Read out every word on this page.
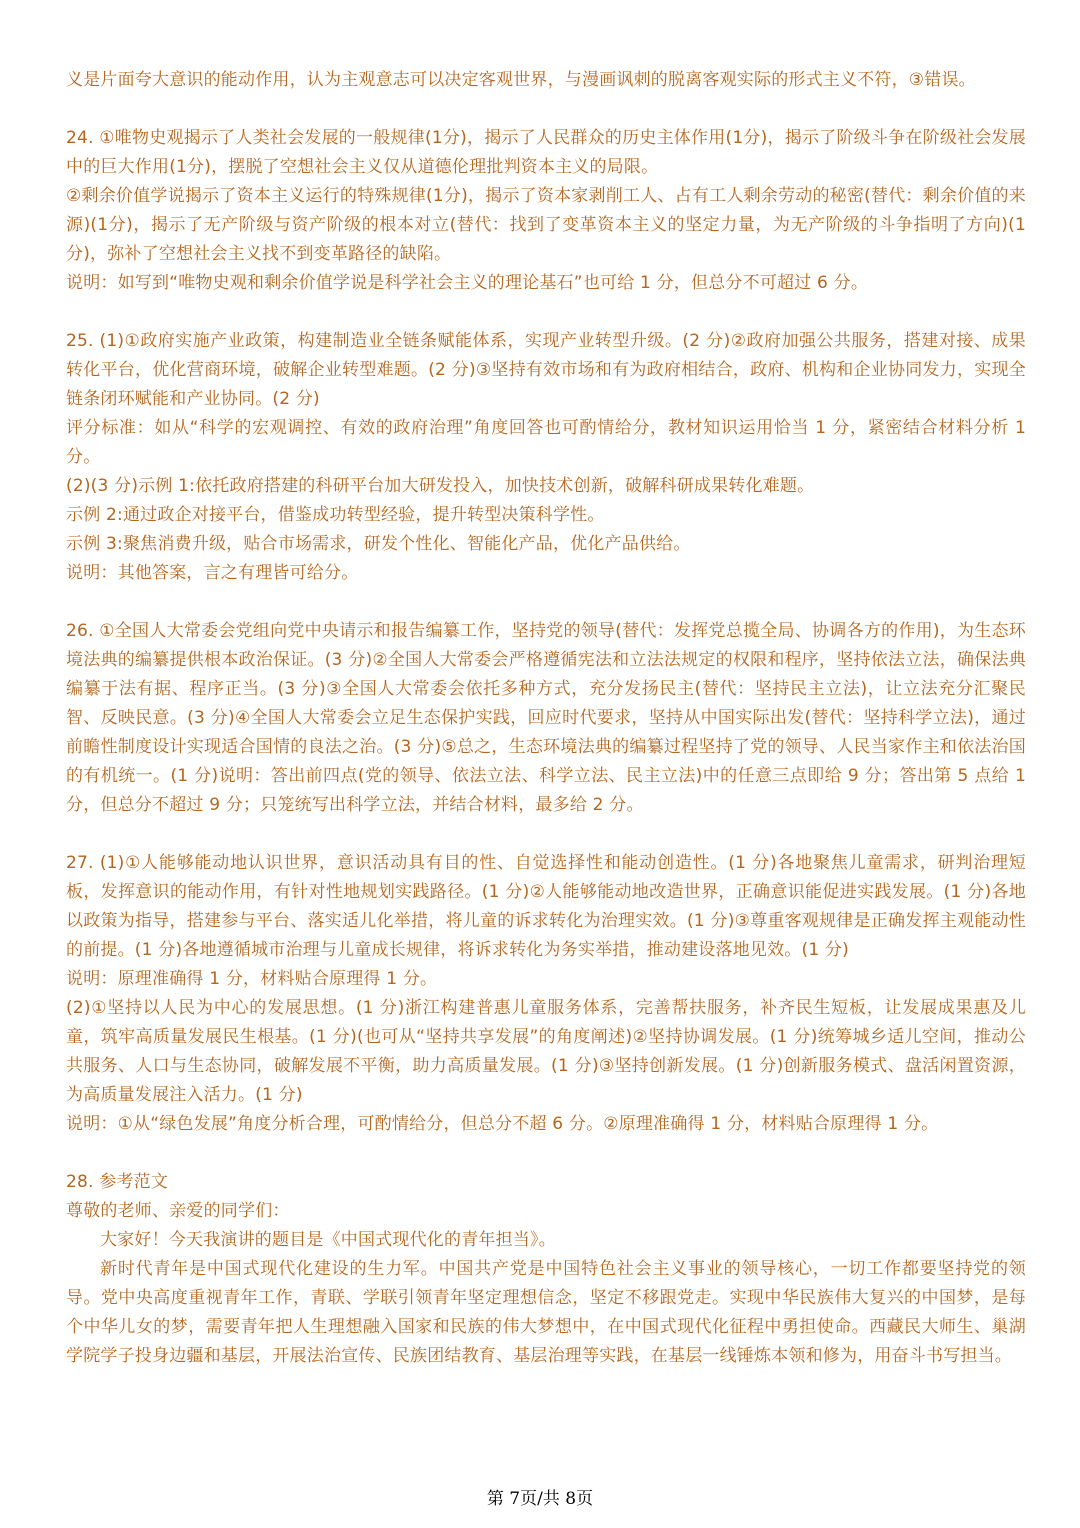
义是片面夸大意识的能动作用，认为主观意志可以决定客观世界，与漫画讽刺的脱离客观实际的形式主义不符，③错误。

24. ①唯物史观揭示了人类社会发展的一般规律(1分)，揭示了人民群众的历史主体作用(1分)，揭示了阶级斗争在阶级社会发展中的巨大作用(1分)，摆脱了空想社会主义仅从道德伦理批判资本主义的局限。

②剩余价值学说揭示了资本主义运行的特殊规律(1分)，揭示了资本家剥削工人、占有工人剩余劳动的秘密(替代：剩余价值的来源)(1分)，揭示了无产阶级与资产阶级的根本对立(替代：找到了变革资本主义的坚定力量，为无产阶级的斗争指明了方向)(1分)，弥补了空想社会主义找不到变革路径的缺陷。

说明：如写到“唯物史观和剩余价值学说是科学社会主义的理论基石”也可给 1 分，但总分不可超过 6 分。

25. (1)①政府实施产业政策，构建制造业全链条赋能体系，实现产业转型升级。(2 分)②政府加强公共服务，搭建对接、成果转化平台，优化营商环境，破解企业转型难题。(2 分)③坚持有效市场和有为政府相结合，政府、机构和企业协同发力，实现全链条闭环赋能和产业协同。(2 分)

评分标准：如从“科学的宏观调控、有效的政府治理”角度回答也可酌情给分，教材知识运用恰当 1 分，紧密结合材料分析 1 分。

(2)(3 分)示例 1:依托政府搭建的科研平台加大研发投入，加快技术创新，破解科研成果转化难题。

示例 2:通过政企对接平台，借鉴成功转型经验，提升转型决策科学性。

示例 3:聚焦消费升级，贴合市场需求，研发个性化、智能化产品，优化产品供给。

说明：其他答案，言之有理皆可给分。

26. ①全国人大常委会党组向党中央请示和报告编纂工作，坚持党的领导(替代：发挥党总揽全局、协调各方的作用)，为生态环境法典的编纂提供根本政治保证。(3 分)②全国人大常委会严格遵循宪法和立法法规定的权限和程序，坚持依法立法，确保法典编纂于法有据、程序正当。(3 分)③全国人大常委会依托多种方式，充分发扬民主(替代：坚持民主立法)，让立法充分汇聚民智、反映民意。(3 分)④全国人大常委会立足生态保护实践，回应时代要求，坚持从中国实际出发(替代：坚持科学立法)，通过前瞻性制度设计实现适合国情的良法之治。(3 分)⑤总之，生态环境法典的编纂过程坚持了党的领导、人民当家作主和依法治国的有机统一。(1 分)说明：答出前四点(党的领导、依法立法、科学立法、民主立法)中的任意三点即给 9 分；答出第 5 点给 1 分，但总分不超过 9 分；只笼统写出科学立法，并结合材料，最多给 2 分。

27. (1)①人能够能动地认识世界，意识活动具有目的性、自觉选择性和能动创造性。(1 分)各地聚焦儿童需求，研判治理短板，发挥意识的能动作用，有针对性地规划实践路径。(1 分)②人能够能动地改造世界，正确意识能促进实践发展。(1 分)各地以政策为指导，搭建参与平台、落实适儿化举措，将儿童的诉求转化为治理实效。(1 分)③尊重客观规律是正确发挥主观能动性的前提。(1 分)各地遵循城市治理与儿童成长规律，将诉求转化为务实举措，推动建设落地见效。(1 分)

说明：原理准确得 1 分，材料贴合原理得 1 分。

(2)①坚持以人民为中心的发展思想。(1 分)浙江构建普惠儿童服务体系，完善帮扶服务，补齐民生短板，让发展成果惠及儿童，筑牢高质量发展民生根基。(1 分)(也可从“坚持共享发展”的角度阐述)②坚持协调发展。(1 分)统筹城乡适儿空间，推动公共服务、人口与生态协同，破解发展不平衡，助力高质量发展。(1 分)③坚持创新发展。(1 分)创新服务模式、盘活闲置资源，为高质量发展注入活力。(1 分)

说明：①从“绿色发展”角度分析合理，可酌情给分，但总分不超 6 分。②原理准确得 1 分，材料贴合原理得 1 分。

28. 参考范文

尊敬的老师、亲爱的同学们：

大家好！今天我演讲的题目是《中国式现代化的青年担当》。

新时代青年是中国式现代化建设的生力军。中国共产党是中国特色社会主义事业的领导核心，一切工作都要坚持党的领导。党中央高度重视青年工作，青联、学联引领青年坚定理想信念，坚定不移跟党走。实现中华民族伟大复兴的中国梦，是每个中华儿女的梦，需要青年把人生理想融入国家和民族的伟大梦想中，在中国式现代化征程中勇担使命。西藏民大师生、巢湖学院学子投身边疆和基层，开展法治宣传、民族团结教育、基层治理等实践，在基层一线锤炼本领和修为，用奋斗书写担当。

第 7页/共 8页
